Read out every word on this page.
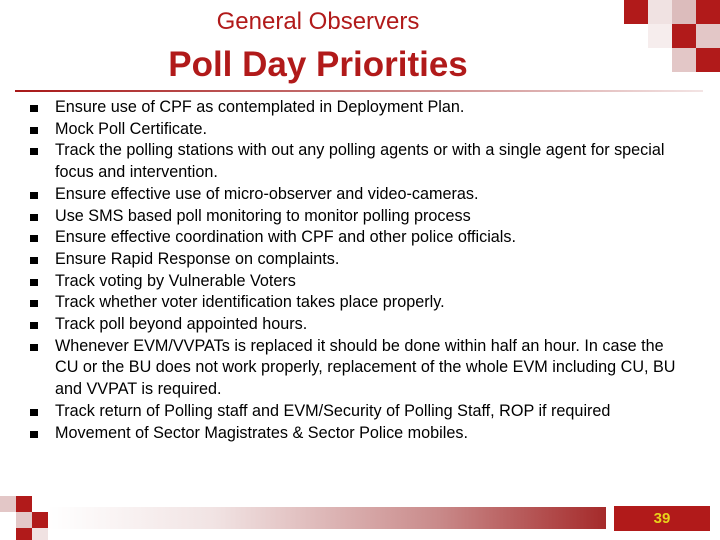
General Observers
Poll Day Priorities
Ensure use of CPF as contemplated in Deployment Plan.
Mock Poll Certificate.
Track the polling stations with out any polling agents or with a single agent for special focus and intervention.
Ensure effective use of micro-observer and video-cameras.
Use SMS based poll monitoring to monitor polling process
Ensure effective coordination with CPF and other police officials.
Ensure Rapid Response on complaints.
Track voting by Vulnerable Voters
Track whether voter identification takes place properly.
Track poll beyond appointed hours.
Whenever EVM/VVPATs is replaced it should be done within half an hour. In case the CU or the BU does not work properly, replacement of the whole EVM including CU, BU and VVPAT is required.
Track return of Polling staff and EVM/Security of Polling Staff, ROP if required
Movement of Sector Magistrates & Sector Police mobiles.
39
